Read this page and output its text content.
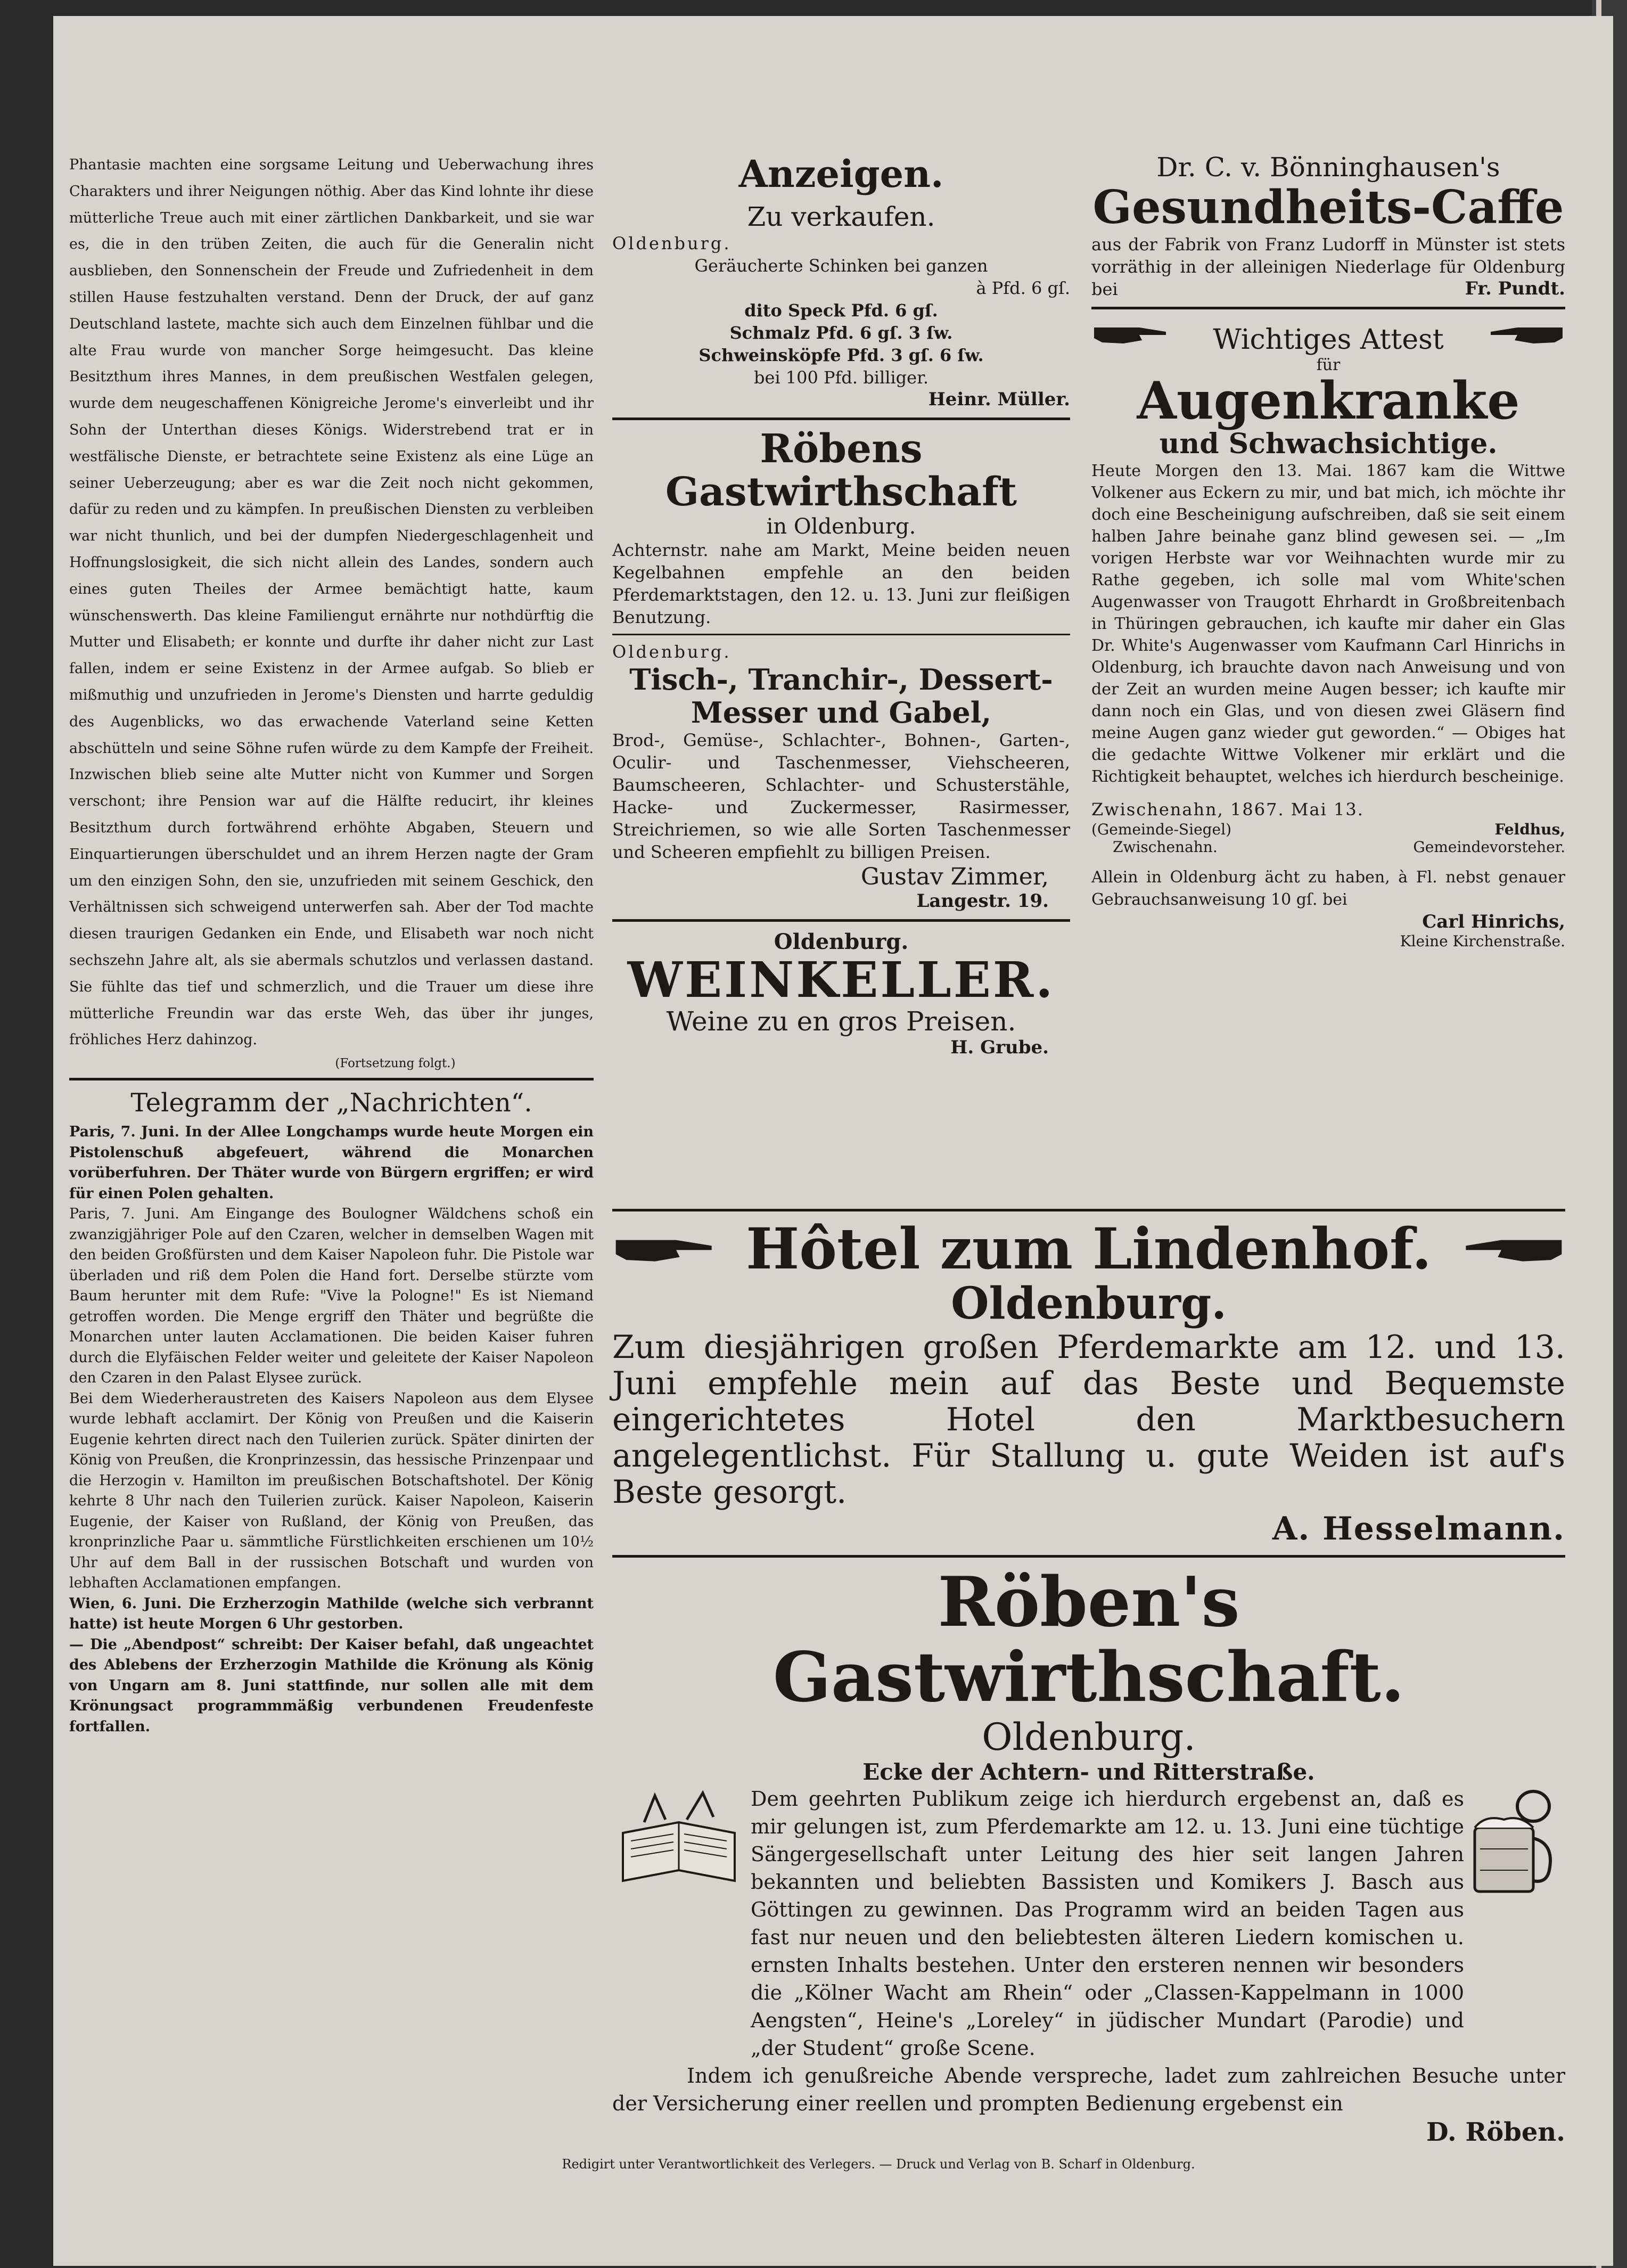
Phantasie machten eine sorgsame Leitung und Ueberwachung ihres Charakters und ihrer Neigungen nöthig. Aber das Kind lohnte ihr diese mütterliche Treue auch mit einer zärtlichen Dankbarkeit, und sie war es, die in den trüben Zeiten, die auch für die Generalin nicht ausblieben, den Sonnenschein der Freude und Zufriedenheit in dem stillen Hause festzuhalten verstand. Denn der Druck, der auf ganz Deutschland lastete, machte sich auch dem Einzelnen fühlbar und die alte Frau wurde von mancher Sorge heimgesucht. Das kleine Besitzthum ihres Mannes, in dem preußischen Westfalen gelegen, wurde dem neugeschaffenen Königreiche Jerome's einverleibt und ihr Sohn der Unterthan dieses Königs. Widerstrebend trat er in westfälische Dienste, er betrachtete seine Existenz als eine Lüge an seiner Ueberzeugung; aber es war die Zeit noch nicht gekommen, dafür zu reden und zu kämpfen. In preußischen Diensten zu verbleiben war nicht thunlich, und bei der dumpfen Niedergeschlagenheit und Hoffnungslosigkeit, die sich nicht allein des Landes, sondern auch eines guten Theiles der Armee bemächtigt hatte, kaum wünschenswerth. Das kleine Familiengut ernährte nur nothdürftig die Mutter und Elisabeth; er konnte und durfte ihr daher nicht zur Last fallen, indem er seine Existenz in der Armee aufgab. So blieb er mißmuthig und unzufrieden in Jerome's Diensten und harrte geduldig des Augenblicks, wo das erwachende Vaterland seine Ketten abschütteln und seine Söhne rufen würde zu dem Kampfe der Freiheit. Inzwischen blieb seine alte Mutter nicht von Kummer und Sorgen verschont; ihre Pension war auf die Hälfte reducirt, ihr kleines Besitzthum durch fortwährend erhöhte Abgaben, Steuern und Einquartierungen überschuldet und an ihrem Herzen nagte der Gram um den einzigen Sohn, den sie, unzufrieden mit seinem Geschick, den Verhältnissen sich schweigend unterwerfen sah. Aber der Tod machte diesen traurigen Gedanken ein Ende, und Elisabeth war noch nicht sechszehn Jahre alt, als sie abermals schutzlos und verlassen dastand. Sie fühlte das tief und schmerzlich, und die Trauer um diese ihre mütterliche Freundin war das erste Weh, das über ihr junges, fröhliches Herz dahinzog.
(Fortsetzung folgt.)
Telegramm der „Nachrichten“.

Paris, 7. Juni. In der Allee Longchamps wurde heute Morgen ein Pistolenschuß abgefeuert, während die Monarchen vorüberfuhren. Der Thäter wurde von Bürgern ergriffen; er wird für einen Polen gehalten.

Paris, 7. Juni. Am Eingange des Boulogner Wäldchens schoß ein zwanzigjähriger Pole auf den Czaren, welcher in demselben Wagen mit den beiden Großfürsten und dem Kaiser Napoleon fuhr. Die Pistole war überladen und riß dem Polen die Hand fort. Derselbe stürzte vom Baum herunter mit dem Rufe: "Vive la Pologne!" Es ist Niemand getroffen worden. Die Menge ergriff den Thäter und begrüßte die Monarchen unter lauten Acclamationen. Die beiden Kaiser fuhren durch die Elyfäischen Felder weiter und geleitete der Kaiser Napoleon den Czaren in den Palast Elysee zurück.

Bei dem Wiederheraustreten des Kaisers Napoleon aus dem Elysee wurde lebhaft acclamirt. Der König von Preußen und die Kaiserin Eugenie kehrten direct nach den Tuilerien zurück. Später dinirten der König von Preußen, die Kronprinzessin, das hessische Prinzenpaar und die Herzogin v. Hamilton im preußischen Botschaftshotel. Der König kehrte 8 Uhr nach den Tuilerien zurück. Kaiser Napoleon, Kaiserin Eugenie, der Kaiser von Rußland, der König von Preußen, das kronprinzliche Paar u. sämmtliche Fürstlichkeiten erschienen um 10½ Uhr auf dem Ball in der russischen Botschaft und wurden von lebhaften Acclamationen empfangen.

Wien, 6. Juni. Die Erzherzogin Mathilde (welche sich verbrannt hatte) ist heute Morgen 6 Uhr gestorben.

— Die „Abendpost“ schreibt: Der Kaiser befahl, daß ungeachtet des Ablebens der Erzherzogin Mathilde die Krönung als König von Ungarn am 8. Juni stattfinde, nur sollen alle mit dem Krönungsact programmmäßig verbundenen Freudenfeste fortfallen.

Anzeigen.
Zu verkaufen.

Oldenburg.

Geräucherte Schinken bei ganzen

à Pfd. 6 gſ.

dito Speck Pfd. 6 gſ.

Schmalz Pfd. 6 gſ. 3 ſw.

Schweinsköpfe Pfd. 3 gſ. 6 ſw.

bei 100 Pfd. billiger.

Heinr. Müller.
Röbens Gastwirthschaft
in Oldenburg.
Achternstr. nahe am Markt, Meine beiden neuen Kegelbahnen empfehle an den beiden Pferdemarktstagen, den 12. u. 13. Juni zur fleißigen Benutzung.
Oldenburg.
Tisch-, Tranchir-, Dessert-Messer und Gabel,
Brod-, Gemüse-, Schlachter-, Bohnen-, Garten-, Oculir- und Taschenmesser, Viehscheeren, Baumscheeren, Schlachter- und Schusterstähle, Hacke- und Zuckermesser, Rasirmesser, Streichriemen, so wie alle Sorten Taschenmesser und Scheeren empfiehlt zu billigen Preisen.
Gustav Zimmer,
Langestr. 19.
Oldenburg.
WEINKELLER.
Weine zu en gros Preisen.
H. Grube.
Dr. C. v. Bönninghausen's
Gesundheits-Caffe
aus der Fabrik von Franz Ludorff in Münster ist stets vorräthig in der alleinigen Niederlage für Oldenburg bei	Fr. Pundt.
Wichtiges Attest
für
Augenkranke
und Schwachsichtige.
Heute Morgen den 13. Mai. 1867 kam die Wittwe Volkener aus Eckern zu mir, und bat mich, ich möchte ihr doch eine Bescheinigung aufschreiben, daß sie seit einem halben Jahre beinahe ganz blind gewesen sei. — „Im vorigen Herbste war vor Weihnachten wurde mir zu Rathe gegeben, ich solle mal vom White'schen Augenwasser von Traugott Ehrhardt in Großbreitenbach in Thüringen gebrauchen, ich kaufte mir daher ein Glas Dr. White's Augenwasser vom Kaufmann Carl Hinrichs in Oldenburg, ich brauchte davon nach Anweisung und von der Zeit an wurden meine Augen besser; ich kaufte mir dann noch ein Glas, und von diesen zwei Gläsern find meine Augen ganz wieder gut geworden.“ — Obiges hat die gedachte Wittwe Volkener mir erklärt und die Richtigkeit behauptet, welches ich hierdurch bescheinige.
Zwischenahn, 1867. Mai 13.
(Gemeinde-Siegel)	Feldhus,
Zwischenahn.	Gemeindevorsteher.
Allein in Oldenburg ächt zu haben, à Fl. nebst genauer Gebrauchsanweisung 10 gſ. bei
Carl Hinrichs,
Kleine Kirchenstraße.
Hôtel zum Lindenhof.
Oldenburg.
Zum diesjährigen großen Pferdemarkte am 12. und 13. Juni empfehle mein auf das Beste und Bequemste eingerichtetes Hotel den Marktbesuchern angelegentlichst. Für Stallung u. gute Weiden ist auf's Beste gesorgt.
A. Hesselmann.
Röben's Gastwirthschaft.
Oldenburg.
Ecke der Achtern- und Ritterstraße.
Dem geehrten Publikum zeige ich hierdurch ergebenst an, daß es mir gelungen ist, zum Pferdemarkte am 12. u. 13. Juni eine tüchtige Sängergesellschaft unter Leitung des hier seit langen Jahren bekannten und beliebten Bassisten und Komikers J. Basch aus Göttingen zu gewinnen. Das Programm wird an beiden Tagen aus fast nur neuen und den beliebtesten älteren Liedern komischen u. ernsten Inhalts bestehen. Unter den ersteren nennen wir besonders die „Kölner Wacht am Rhein“ oder „Classen-Kappelmann in 1000 Aengsten“, Heine's „Loreley“ in jüdischer Mundart (Parodie) und „der Student“ große Scene.
Indem ich genußreiche Abende verspreche, ladet zum zahlreichen Besuche unter der Versicherung einer reellen und prompten Bedienung ergebenst ein
D. Röben.
Redigirt unter Verantwortlichkeit des Verlegers. — Druck und Verlag von B. Scharf in Oldenburg.
